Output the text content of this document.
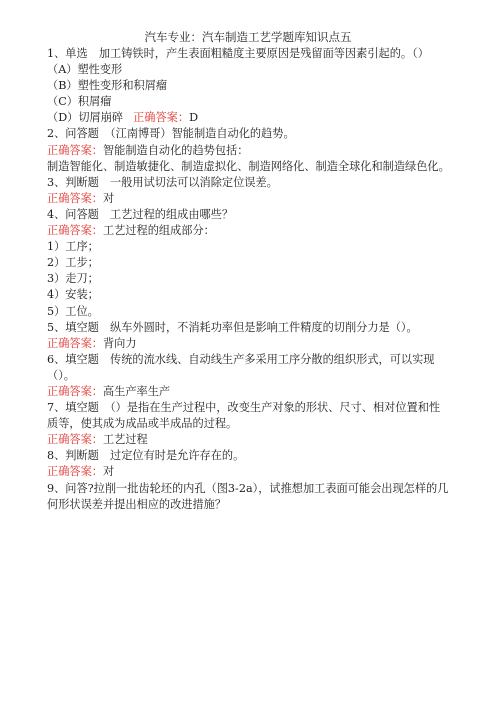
汽车专业：汽车制造工艺学题库知识点五
1、单选　加工铸铁时，产生表面粗糙度主要原因是残留面等因素引起的。（）
（A）塑性变形
（B）塑性变形和积屑瘤
（C）积屑瘤
（D）切屑崩碎 正确答案：D
2、问答题　（江南博哥）智能制造自动化的趋势。
正确答案：智能制造自动化的趋势包括：
制造智能化、制造敏捷化、制造虚拟化、制造网络化、制造全球化和制造绿色化。
3、判断题　一般用试切法可以消除定位误差。
正确答案：对
4、问答题　工艺过程的组成由哪些？
正确答案：工艺过程的组成部分：
1）工序；
2）工步；
3）走刀；
4）安装；
5）工位。
5、填空题　纵车外圆时，不消耗功率但是影响工件精度的切削分力是（）。
正确答案：背向力
6、填空题　传统的流水线、自动线生产多采用工序分散的组织形式，可以实现（）。
正确答案：高生产率生产
7、填空题　（）是指在生产过程中，改变生产对象的形状、尺寸、相对位置和性质等，使其成为成品或半成品的过程。
正确答案：工艺过程
8、判断题　过定位有时是允许存在的。
正确答案：对
9、问答?拉削一批齿轮坯的内孔（图3-2a），试推想加工表面可能会出现怎样的几何形状误差并提出相应的改进措施？
